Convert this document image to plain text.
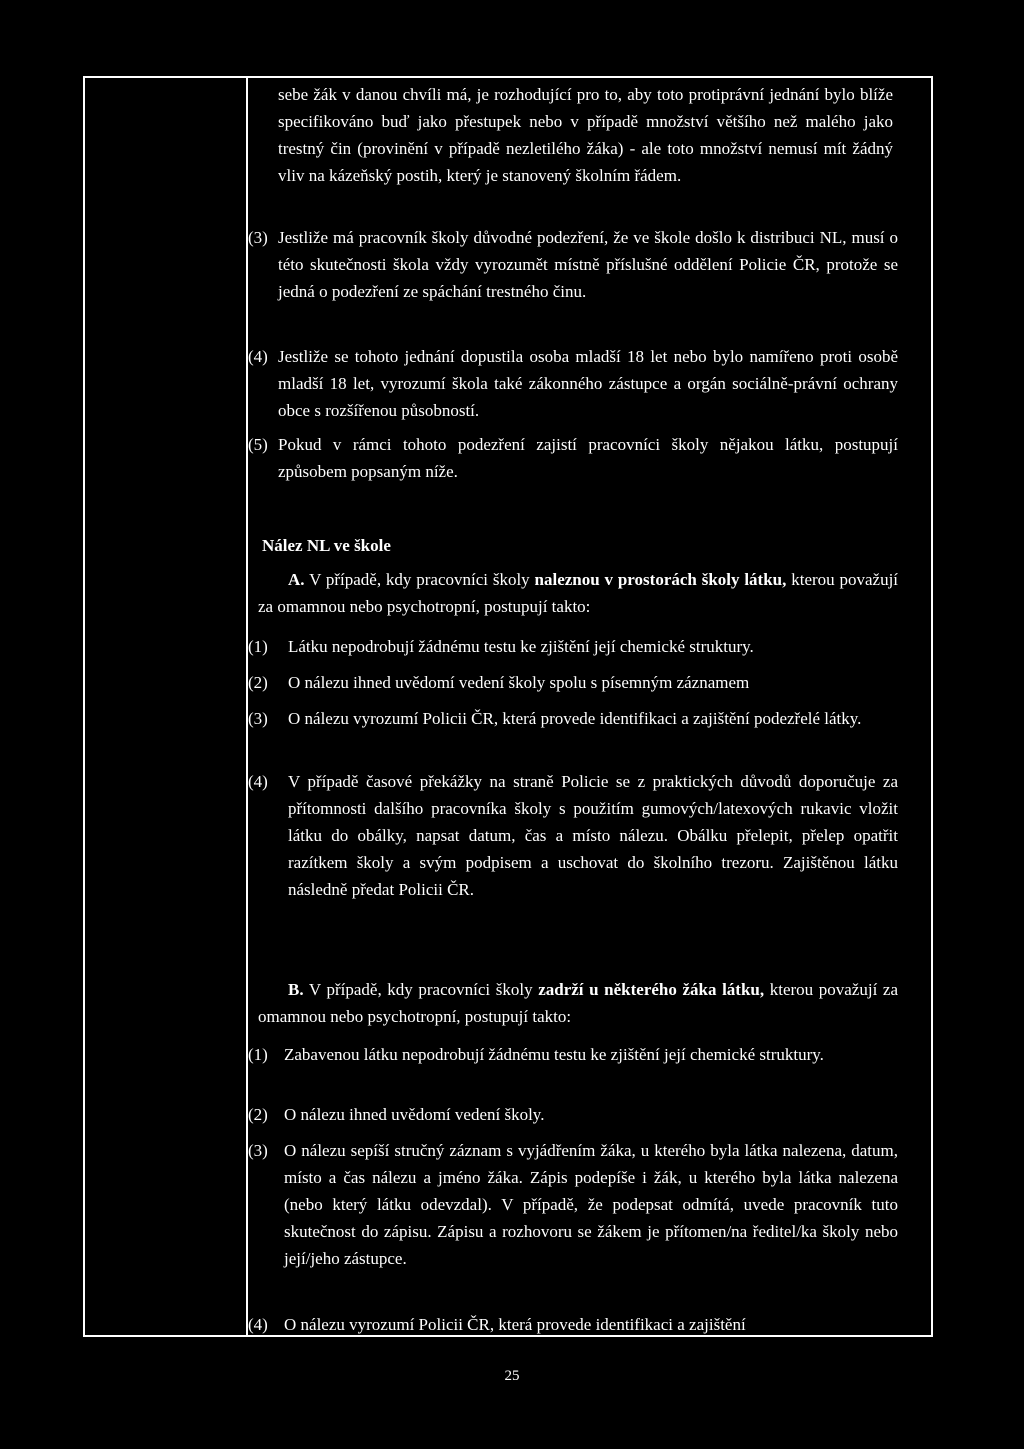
sebe žák v danou chvíli má, je rozhodující pro to, aby toto protiprávní jednání bylo blíže specifikováno buď jako přestupek nebo v případě množství většího než malého jako trestný čin (provinění v případě nezletilého žáka) - ale toto množství nemusí mít žádný vliv na kázeňský postih, který je stanovený školním řádem.
(3) Jestliže má pracovník školy důvodné podezření, že ve škole došlo k distribuci NL, musí o této skutečnosti škola vždy vyrozumět místně příslušné oddělení Policie ČR, protože se jedná o podezření ze spáchání trestného činu.
(4) Jestliže se tohoto jednání dopustila osoba mladší 18 let nebo bylo namířeno proti osobě mladší 18 let, vyrozumí škola také zákonného zástupce a orgán sociálně-právní ochrany obce s rozšířenou působností.
(5) Pokud v rámci tohoto podezření zajistí pracovníci školy nějakou látku, postupují způsobem popsaným níže.
Nález NL ve škole
A. V případě, kdy pracovníci školy naleznou v prostorách školy látku, kterou považují za omamnou nebo psychotropní, postupují takto:
(1)	Látku nepodrobují žádnému testu ke zjištění její chemické struktury.
(2)	O nálezu ihned uvědomí vedení školy spolu s písemným záznamem
(3)	O nálezu vyrozumí Policii ČR, která provede identifikaci a zajištění podezřelé látky.
(4)	V případě časové překážky na straně Policie se z praktických důvodů doporučuje za přítomnosti dalšího pracovníka školy s použitím gumových/latexových rukavic vložit látku do obálky, napsat datum, čas a místo nálezu. Obálku přelepit, přelep opatřit razítkem školy a svým podpisem a uschovat do školního trezoru. Zajištěnou látku následně předat Policii ČR.
B. V případě, kdy pracovníci školy zadrží u některého žáka látku, kterou považují za omamnou nebo psychotropní, postupují takto:
(1) Zabavenou látku nepodrobují žádnému testu ke zjištění její chemické struktury.
(2) O nálezu ihned uvědomí vedení školy.
(3) O nálezu sepíší stručný záznam s vyjádřením žáka, u kterého byla látka nalezena, datum, místo a čas nálezu a jméno žáka. Zápis podepíše i žák, u kterého byla látka nalezena (nebo který látku odevzdal). V případě, že podepsat odmítá, uvede pracovník tuto skutečnost do zápisu. Zápisu a rozhovoru se žákem je přítomen/na ředitel/ka školy nebo její/jeho zástupce.
(4) O nálezu vyrozumí Policii ČR, která provede identifikaci a zajištění
25
